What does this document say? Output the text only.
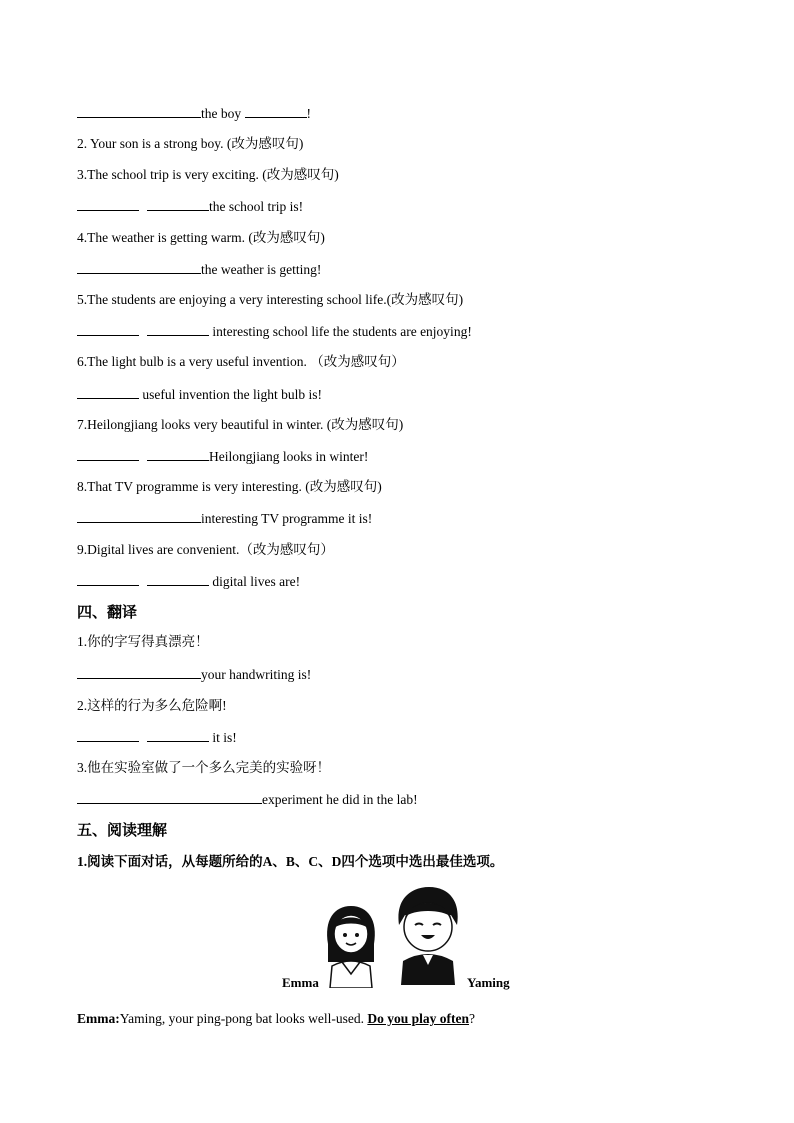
the boy	!
2. Your son is a strong boy. (改为感叹句)
3.The school trip is very exciting. (改为感叹句)
the school trip is!
4.The weather is getting warm. (改为感叹句)
the weather is getting!
5.The students are enjoying a very interesting school life.(改为感叹句)
interesting school life the students are enjoying!
6.The light bulb is a very useful invention. （改为感叹句）
useful invention the light bulb is!
7.Heilongjiang looks very beautiful in winter. (改为感叹句)
Heilongjiang looks in winter!
8.That TV programme is very interesting. (改为感叹句)
interesting TV programme it is!
9.Digital lives are convenient.（改为感叹句）
digital lives are!
四、翻译
1.你的字写得真漂亮！
your handwriting is!
2.这样的行为多么危险啊!
it is!
3.他在实验室做了一个多么完美的实验呀！
experiment he did in the lab!
五、阅读理解
1.阅读下面对话，从每题所给的A、B、C、D四个选项中选出最佳选项。
Emma	Yaming
Emma:Yaming, your ping-pong bat looks well-used. Do you play often?
